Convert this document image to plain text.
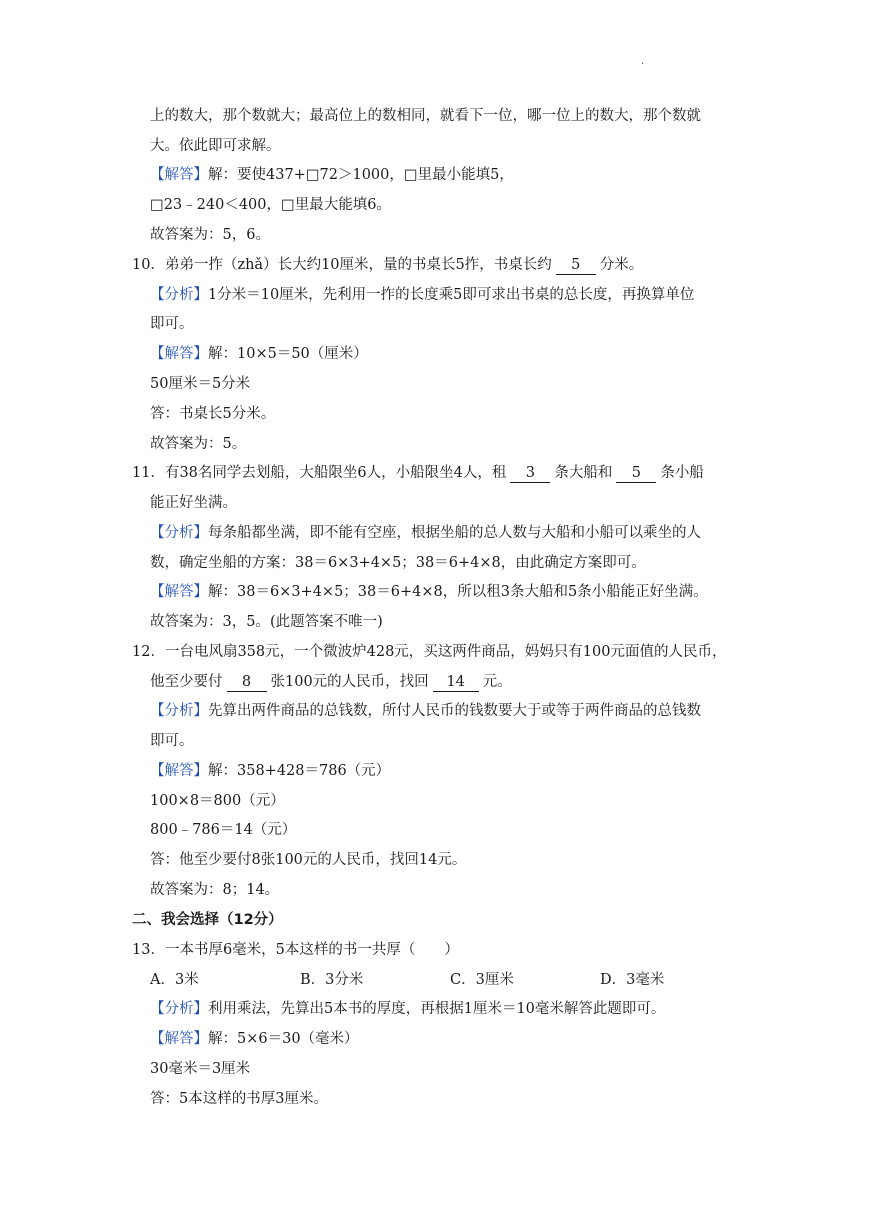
.
上的数大，那个数就大；最高位上的数相同，就看下一位，哪一位上的数大，那个数就
大。依此即可求解。
【解答】解：要使437+□72＞1000，□里最小能填5，
□23﹣240＜400，□里最大能填6。
故答案为：5，6。
10．弟弟一拃（zhǎ）长大约10厘米，量的书桌长5拃，书桌长约 5 分米。
【分析】1分米＝10厘米，先利用一拃的长度乘5即可求出书桌的总长度，再换算单位
即可。
【解答】解：10×5＝50（厘米）
50厘米＝5分米
答：书桌长5分米。
故答案为：5。
11．有38名同学去划船，大船限坐6人，小船限坐4人，租 3 条大船和 5 条小船
能正好坐满。
【分析】每条船都坐满，即不能有空座，根据坐船的总人数与大船和小船可以乘坐的人
数，确定坐船的方案：38＝6×3+4×5；38＝6+4×8，由此确定方案即可。
【解答】解：38＝6×3+4×5；38＝6+4×8，所以租3条大船和5条小船能正好坐满。
故答案为：3，5。(此题答案不唯一)
12．一台电风扇358元，一个微波炉428元，买这两件商品，妈妈只有100元面值的人民币，
他至少要付 8 张100元的人民币，找回 14 元。
【分析】先算出两件商品的总钱数，所付人民币的钱数要大于或等于两件商品的总钱数
即可。
【解答】解：358+428＝786（元）
100×8＝800（元）
800﹣786＝14（元）
答：他至少要付8张100元的人民币，找回14元。
故答案为：8；14。
二、我会选择（12分）
13．一本书厚6毫米，5本这样的书一共厚（　　）
A．3米	B．3分米	C．3厘米	D．3毫米
【分析】利用乘法，先算出5本书的厚度，再根据1厘米＝10毫米解答此题即可。
【解答】解：5×6＝30（毫米）
30毫米＝3厘米
答：5本这样的书厚3厘米。
